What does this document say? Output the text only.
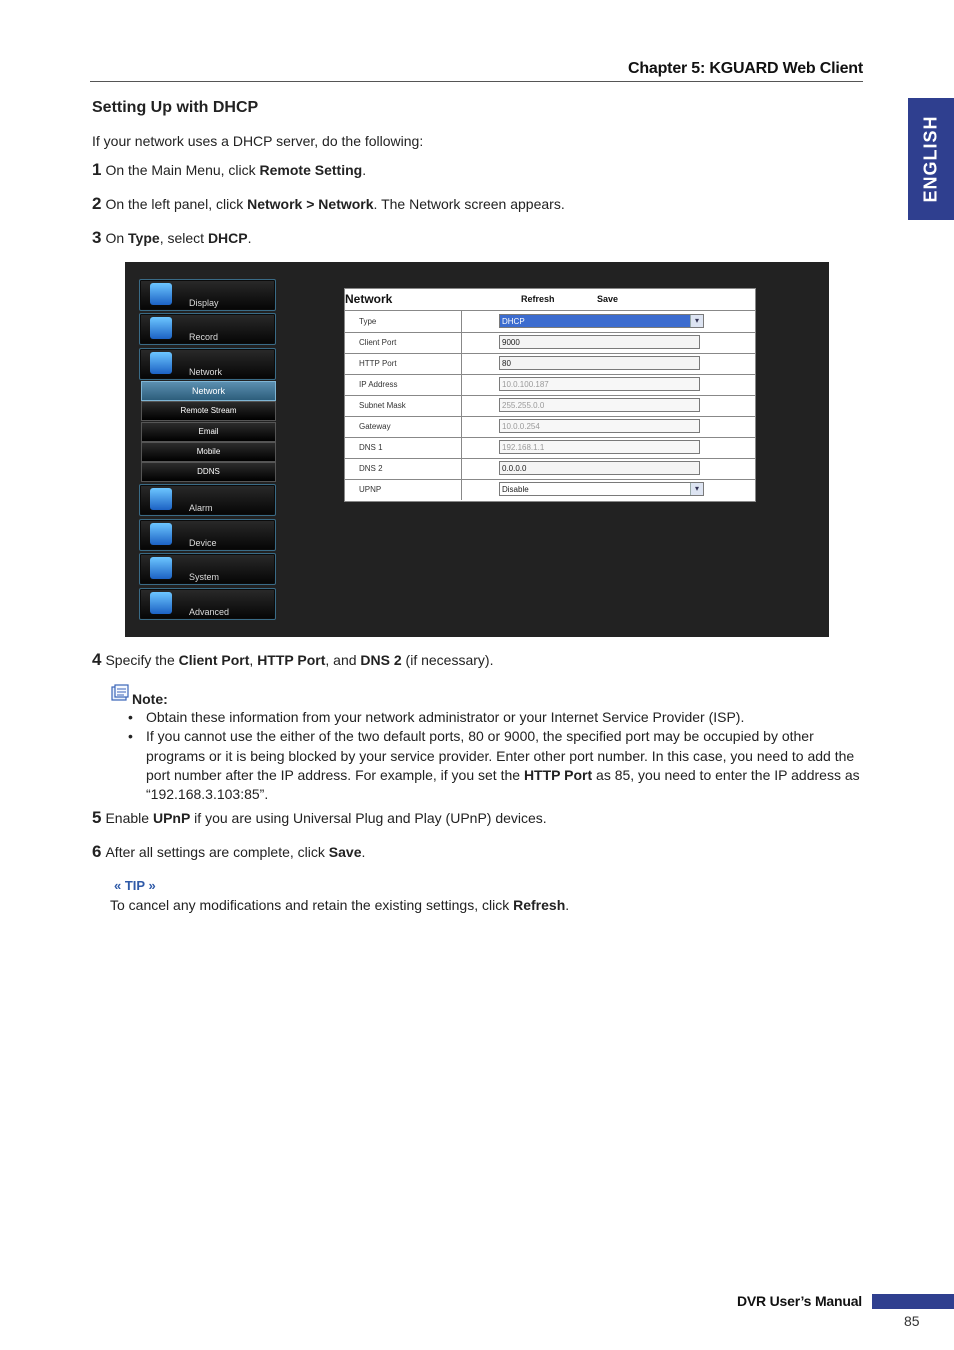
Chapter 5: KGUARD Web Client
ENGLISH
Setting Up with DHCP
If your network uses a DHCP server, do the following:
1 On the Main Menu, click Remote Setting.
2 On the left panel, click Network > Network. The Network screen appears.
3 On Type, select DHCP.
Display
Record
Network
Network
Remote Stream
Email
Mobile
DDNS
Alarm
Device
System
Advanced
Network	Refresh	Save
Type	DHCP	▾
Client Port	9000
HTTP Port	80
IP Address	10.0.100.187
Subnet Mask	255.255.0.0
Gateway	10.0.0.254
DNS 1	192.168.1.1
DNS 2	0.0.0.0
UPNP	Disable	▾
4 Specify the Client Port, HTTP Port, and DNS 2 (if necessary).
Note:
• Obtain these information from your network administrator or your Internet Service Provider (ISP).
• If you cannot use the either of the two default ports, 80 or 9000, the specified port may be occupied by other programs or it is being blocked by your service provider. Enter other port number. In this case, you need to add the port number after the IP address. For example, if you set the HTTP Port as 85, you need to enter the IP address as “192.168.3.103:85”.
5 Enable UPnP if you are using Universal Plug and Play (UPnP) devices.
6 After all settings are complete, click Save.
« TIP »
To cancel any modifications and retain the existing settings, click Refresh.
DVR User’s Manual
85
